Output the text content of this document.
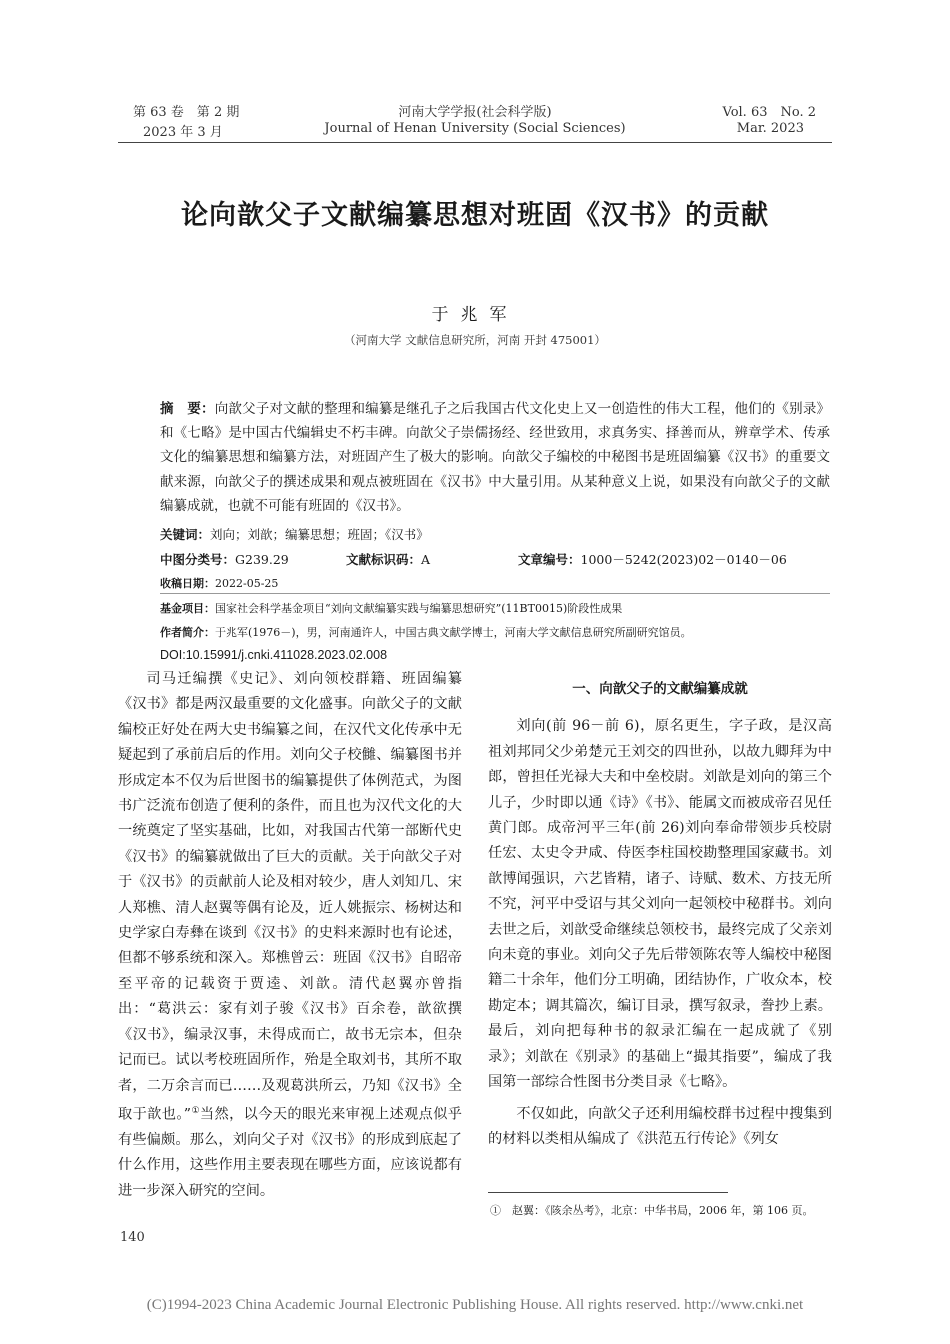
第 63 卷　第 2 期
2023 年 3 月
河南大学学报(社会科学版)
Journal of Henan University (Social Sciences)
Vol. 63　No. 2
Mar. 2023
论向歆父子文献编纂思想对班固《汉书》的贡献
于兆军
（河南大学 文献信息研究所，河南 开封 475001）
摘　要：向歆父子对文献的整理和编纂是继孔子之后我国古代文化史上又一创造性的伟大工程，他们的《别录》和《七略》是中国古代编辑史不朽丰碑。向歆父子崇儒扬经、经世致用，求真务实、择善而从，辨章学术、传承文化的编纂思想和编纂方法，对班固产生了极大的影响。向歆父子编校的中秘图书是班固编纂《汉书》的重要文献来源，向歆父子的撰述成果和观点被班固在《汉书》中大量引用。从某种意义上说，如果没有向歆父子的文献编纂成就，也就不可能有班固的《汉书》。
关键词：刘向；刘歆；编纂思想；班固；《汉书》
中图分类号：G239.29	文献标识码：A	文章编号：1000－5242(2023)02－0140－06
收稿日期：2022-05-25
基金项目：国家社会科学基金项目“刘向文献编纂实践与编纂思想研究”(11BT0015)阶段性成果
作者简介：于兆军(1976－)，男，河南通许人，中国古典文献学博士，河南大学文献信息研究所副研究馆员。
DOI:10.15991/j.cnki.411028.2023.02.008

司马迁编撰《史记》、刘向领校群籍、班固编纂《汉书》都是两汉最重要的文化盛事。向歆父子的文献编校正好处在两大史书编纂之间，在汉代文化传承中无疑起到了承前启后的作用。刘向父子校雠、编纂图书并形成定本不仅为后世图书的编纂提供了体例范式，为图书广泛流布创造了便利的条件，而且也为汉代文化的大一统奠定了坚实基础，比如，对我国古代第一部断代史《汉书》的编纂就做出了巨大的贡献。关于向歆父子对于《汉书》的贡献前人论及相对较少，唐人刘知几、宋人郑樵、清人赵翼等偶有论及，近人姚振宗、杨树达和史学家白寿彝在谈到《汉书》的史料来源时也有论述，但都不够系统和深入。郑樵曾云：班固《汉书》自昭帝至平帝的记载资于贾逵、刘歆。清代赵翼亦曾指出：“葛洪云：家有刘子骏《汉书》百余卷，歆欲撰《汉书》，编录汉事，未得成而亡，故书无宗本，但杂记而已。试以考校班固所作，殆是全取刘书，其所不取者，二万余言而已……及观葛洪所云，乃知《汉书》全取于歆也。”①当然，以今天的眼光来审视上述观点似乎有些偏颇。那么，刘向父子对《汉书》的形成到底起了什么作用，这些作用主要表现在哪些方面，应该说都有进一步深入研究的空间。

一、向歆父子的文献编纂成就

刘向(前 96－前 6)，原名更生，字子政，是汉高祖刘邦同父少弟楚元王刘交的四世孙，以故九卿拜为中郎，曾担任光禄大夫和中垒校尉。刘歆是刘向的第三个儿子，少时即以通《诗》《书》、能属文而被成帝召见任黄门郎。成帝河平三年(前 26)刘向奉命带领步兵校尉任宏、太史令尹咸、侍医李柱国校勘整理国家藏书。刘歆博闻强识，六艺皆精，诸子、诗赋、数术、方技无所不究，河平中受诏与其父刘向一起领校中秘群书。刘向去世之后，刘歆受命继续总领校书，最终完成了父亲刘向未竟的事业。刘向父子先后带领陈农等人编校中秘图籍二十余年，他们分工明确，团结协作，广收众本，校勘定本；调其篇次，编订目录，撰写叙录，誊抄上素。最后，刘向把每种书的叙录汇编在一起成就了《别录》；刘歆在《别录》的基础上“撮其指要”，编成了我国第一部综合性图书分类目录《七略》。

不仅如此，向歆父子还利用编校群书过程中搜集到的材料以类相从编成了《洪范五行传论》《列女

①　 赵翼：《陔余丛考》，北京：中华书局，2006 年，第 106 页。
140
(C)1994-2023 China Academic Journal Electronic Publishing House. All rights reserved. http://www.cnki.net
